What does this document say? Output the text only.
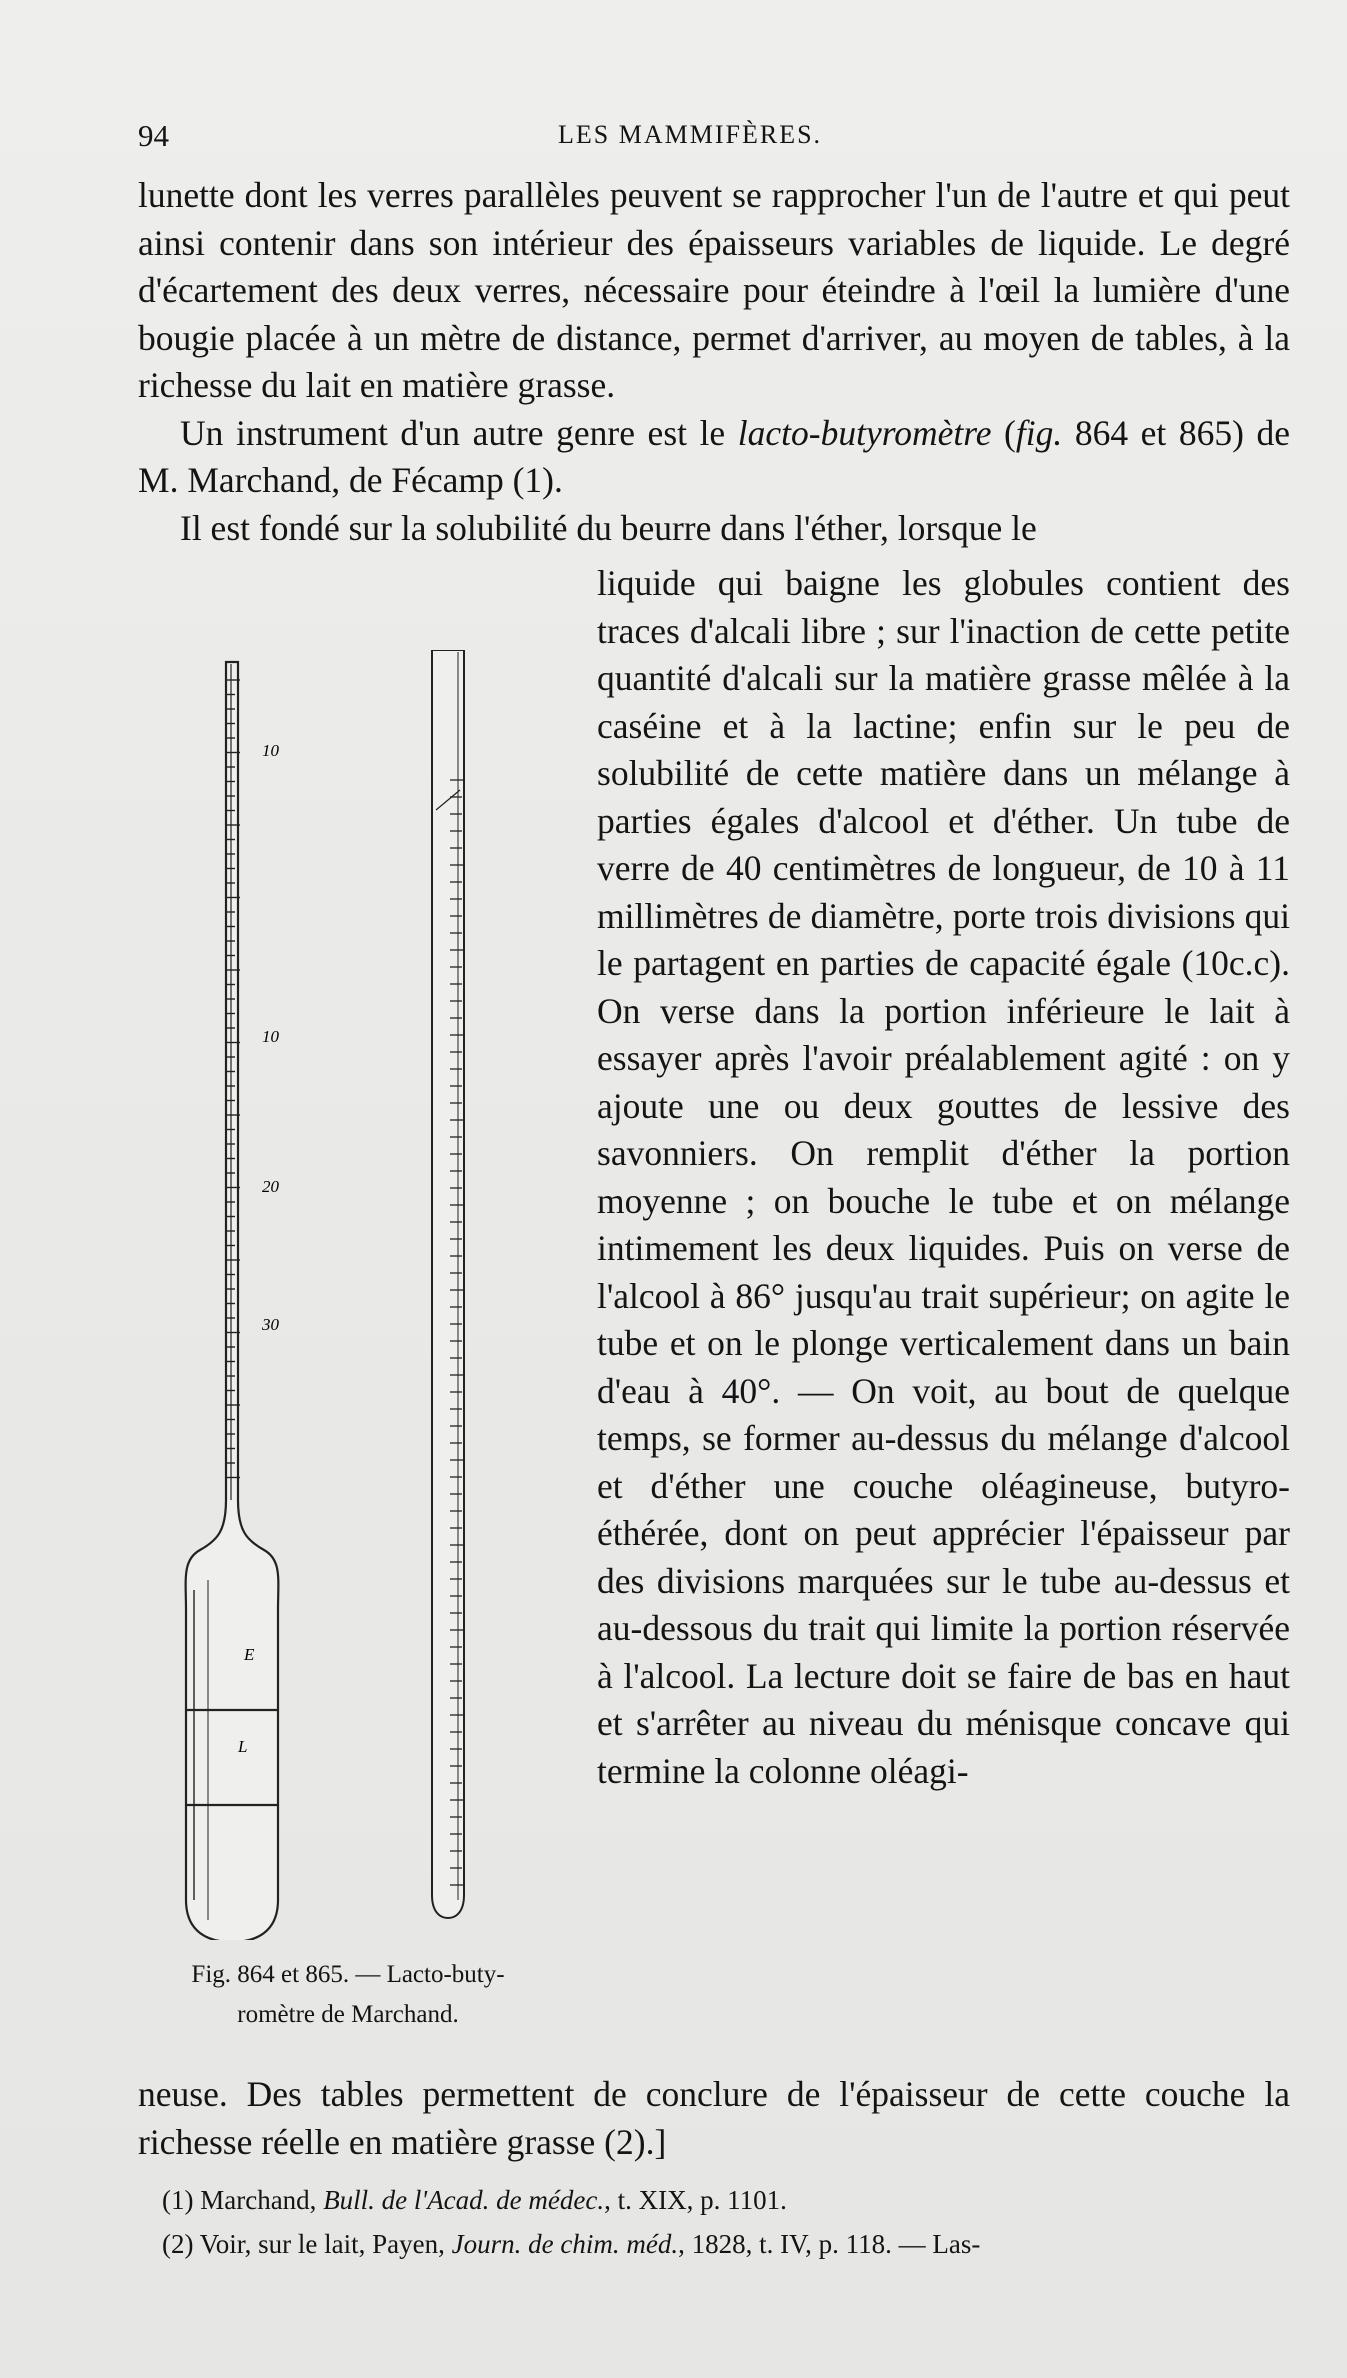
94	LES MAMMIFÈRES.

lunette dont les verres parallèles peuvent se rapprocher l'un de l'autre et qui peut ainsi contenir dans son intérieur des épaisseurs variables de liquide. Le degré d'écartement des deux verres, nécessaire pour éteindre à l'œil la lumière d'une bougie placée à un mètre de distance, permet d'arriver, au moyen de tables, à la richesse du lait en matière grasse.

Un instrument d'un autre genre est le lacto-butyromètre (fig. 864 et 865) de M. Marchand, de Fécamp (1).

Il est fondé sur la solubilité du beurre dans l'éther, lorsque le

10
10
20
30
E
L
liquide qui baigne les globules contient des traces d'alcali libre ; sur l'inaction de cette petite quantité d'alcali sur la matière grasse mêlée à la caséine et à la lactine; enfin sur le peu de solubilité de cette matière dans un mélange à parties égales d'alcool et d'éther. Un tube de verre de 40 centimètres de longueur, de 10 à 11 millimètres de diamètre, porte trois divisions qui le partagent en parties de capacité égale (10c.c). On verse dans la portion inférieure le lait à essayer après l'avoir préalablement agité : on y ajoute une ou deux gouttes de lessive des savonniers. On remplit d'éther la portion moyenne ; on bouche le tube et on mélange intimement les deux liquides. Puis on verse de l'alcool à 86° jusqu'au trait supérieur; on agite le tube et on le plonge verticalement dans un bain d'eau à 40°. — On voit, au bout de quelque temps, se former au-dessus du mélange d'alcool et d'éther une couche oléagineuse, butyro-éthérée, dont on peut apprécier l'épaisseur par des divisions marquées sur le tube au-dessus et au-dessous du trait qui limite la portion réservée à l'alcool. La lecture doit se faire de bas en haut et s'arrêter au niveau du ménisque concave qui termine la colonne oléagi-
Fig. 864 et 865. — Lacto-buty-
romètre de Marchand.
neuse. Des tables permettent de conclure de l'épaisseur de cette couche la richesse réelle en matière grasse (2).]
(1) Marchand, Bull. de l'Acad. de médec., t. XIX, p. 1101.
(2) Voir, sur le lait, Payen, Journ. de chim. méd., 1828, t. IV, p. 118. — Las-
